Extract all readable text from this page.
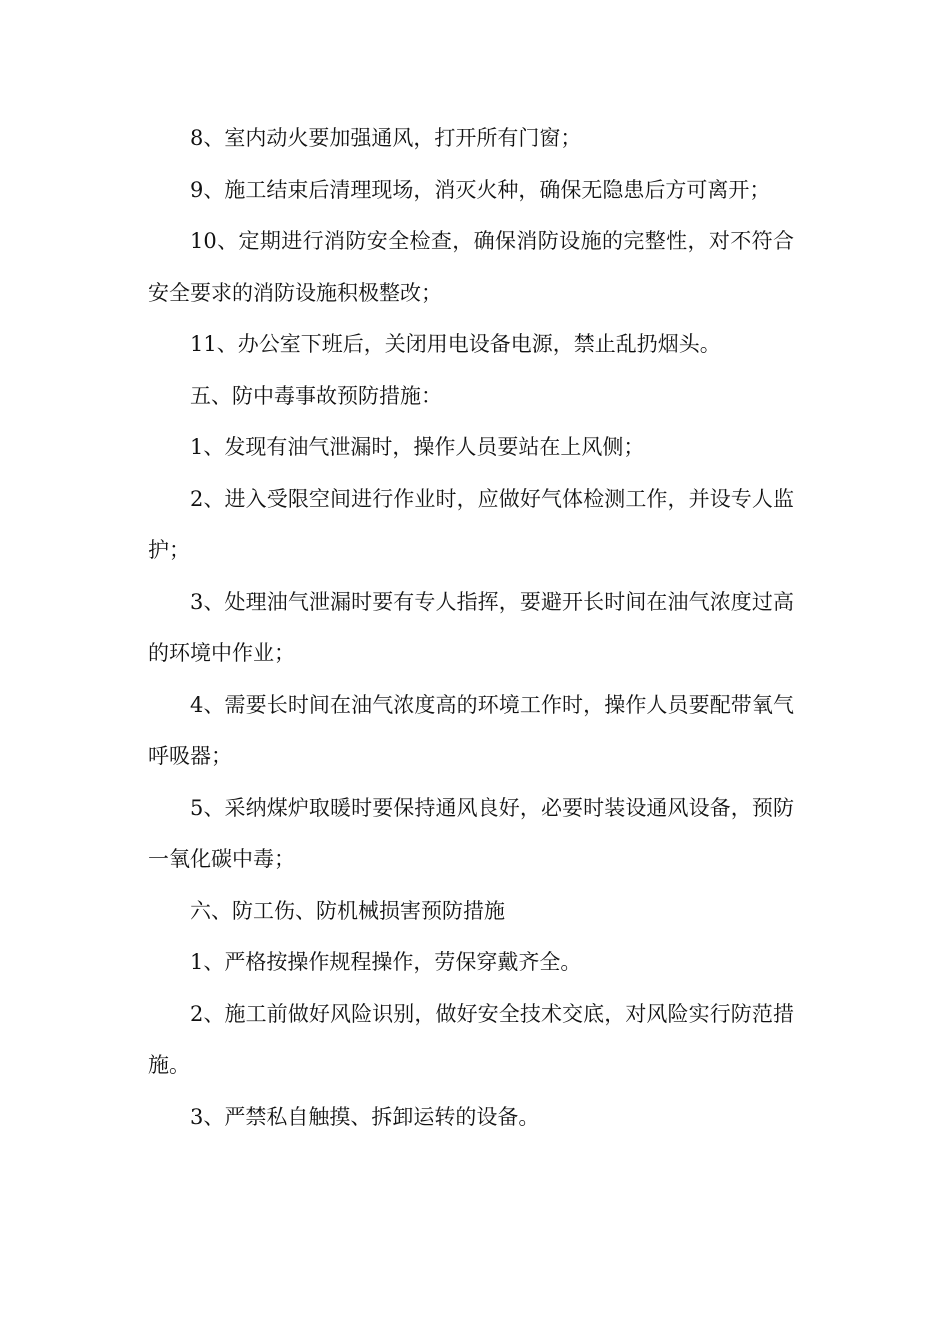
8、室内动火要加强通风，打开所有门窗；

9、施工结束后清理现场，消灭火种，确保无隐患后方可离开；

10、定期进行消防安全检查，确保消防设施的完整性，对不符合安全要求的消防设施积极整改；

11、办公室下班后，关闭用电设备电源，禁止乱扔烟头。

五、防中毒事故预防措施：

1、发现有油气泄漏时，操作人员要站在上风侧；

2、进入受限空间进行作业时，应做好气体检测工作，并设专人监护；

3、处理油气泄漏时要有专人指挥，要避开长时间在油气浓度过高的环境中作业；

4、需要长时间在油气浓度高的环境工作时，操作人员要配带氧气呼吸器；

5、采纳煤炉取暖时要保持通风良好，必要时装设通风设备，预防一氧化碳中毒；

六、防工伤、防机械损害预防措施

1、严格按操作规程操作，劳保穿戴齐全。

2、施工前做好风险识别，做好安全技术交底，对风险实行防范措施。

3、严禁私自触摸、拆卸运转的设备。
